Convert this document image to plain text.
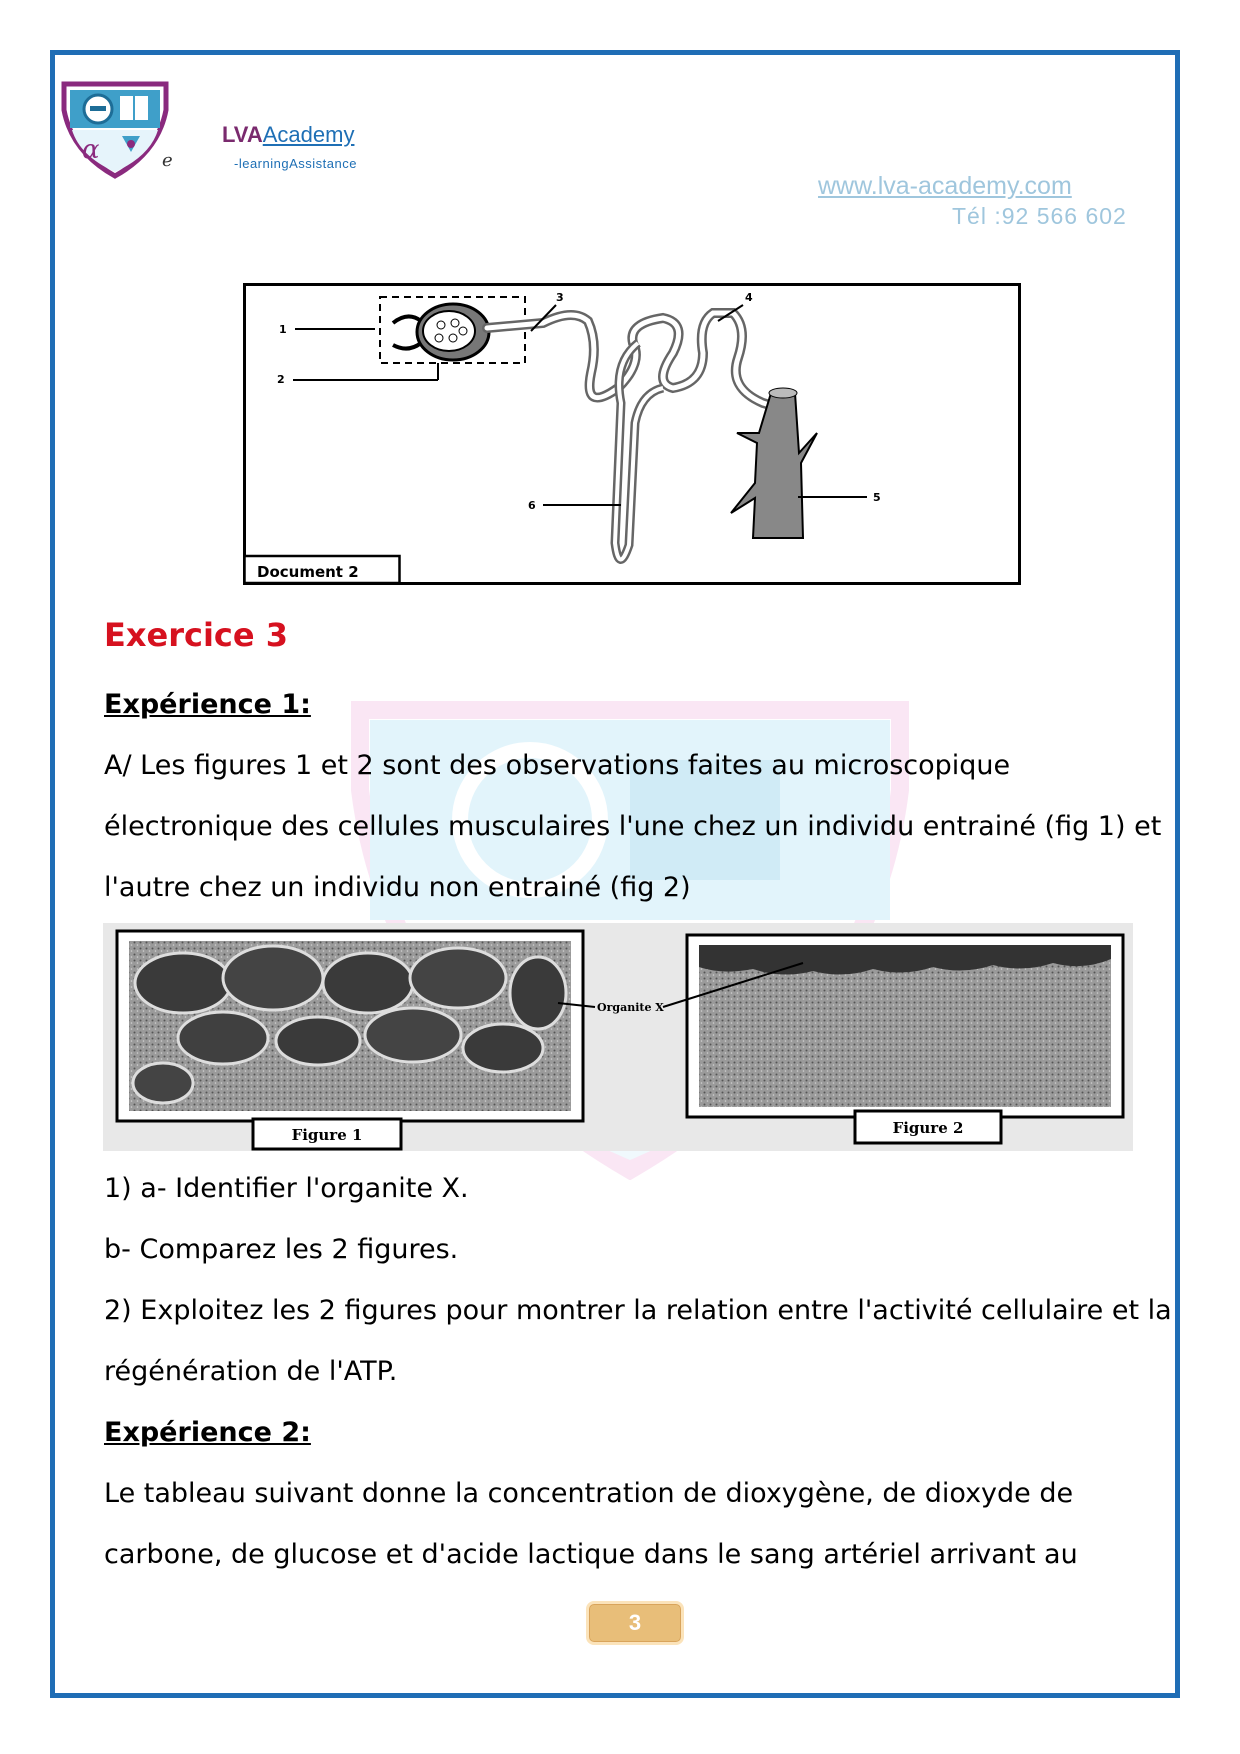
α	e
LVAAcademy
-learningAssistance
www.lva-academy.com
Tél :92 566 602
Document 2
1
2
3	4
5
6
Exercice 3
Expérience 1:
A/ Les figures 1 et 2 sont des observations faites au microscopique
électronique des cellules musculaires l'une chez un individu entrainé (fig 1) et
l'autre chez un individu non entrainé (fig 2)
Figure 1	Figure 2
Organite X
1) a- Identifier l'organite X.
b- Comparez les 2 figures.
2) Exploitez les 2 figures pour montrer la relation entre l'activité cellulaire et la
régénération de l'ATP.
Expérience 2:
Le tableau suivant donne la concentration de dioxygène, de dioxyde de
carbone, de glucose et d'acide lactique dans le sang artériel arrivant au
3
